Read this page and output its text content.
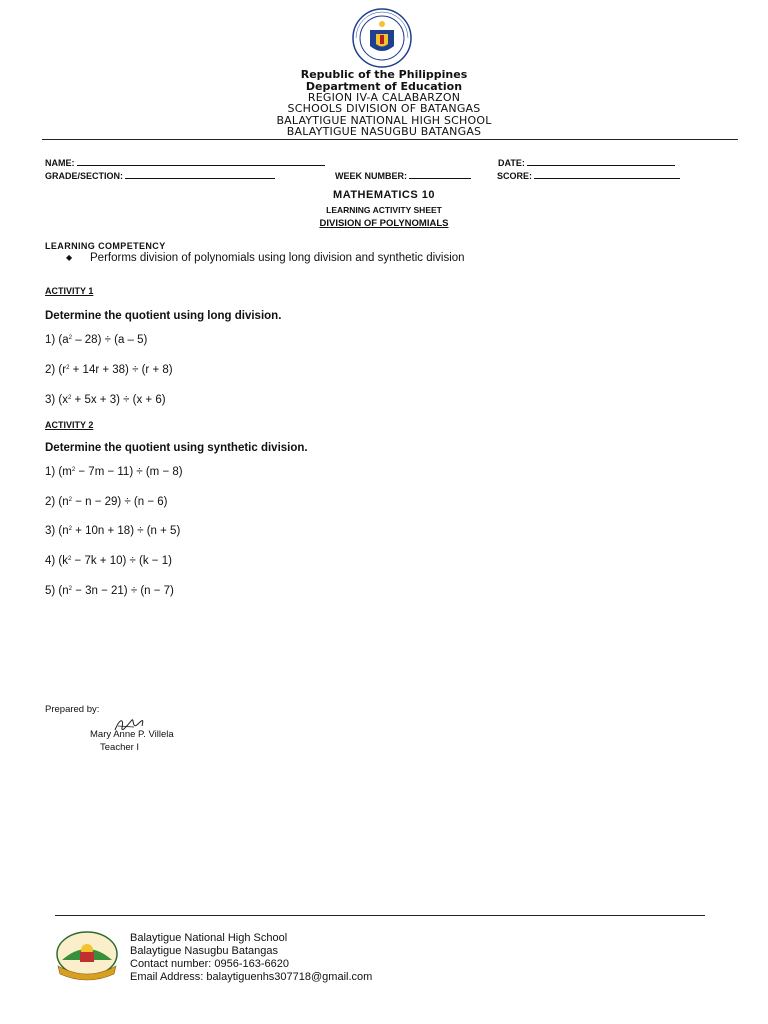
Republic of the Philippines
Department of Education
REGION IV-A CALABARZON
SCHOOLS DIVISION OF BATANGAS
BALAYTIGUE NATIONAL HIGH SCHOOL
BALAYTIGUE NASUGBU BATANGAS
NAME:	DATE:
GRADE/SECTION:	WEEK NUMBER:	SCORE:
MATHEMATICS 10
LEARNING ACTIVITY SHEET
DIVISION OF POLYNOMIALS
LEARNING COMPETENCY
◆ Performs division of polynomials using long division and synthetic division
ACTIVITY 1
Determine the quotient using long division.
1) $(a^2 - 28) \div (a - 5)$
2) $(r^2 + 14r + 38) \div (r + 8)$
3) $(x^2 + 5x + 3) \div (x + 6)$
ACTIVITY 2
Determine the quotient using synthetic division.
1) $(m^2 - 7m - 11) \div (m - 8)$
2) $(n^2 - n - 29) \div (n - 6)$
3) $(n^2 + 10n + 18) \div (n + 5)$
4) $(k^2 - 7k + 10) \div (k - 1)$
5) $(n^2 - 3n - 21) \div (n - 7)$
Prepared by:
Mary Anne P. Villela
Teacher I
Balaytigue National High School
Balaytigue Nasugbu Batangas
Contact number: 0956-163-6620
Email Address: balaytiguenhs307718@gmail.com
